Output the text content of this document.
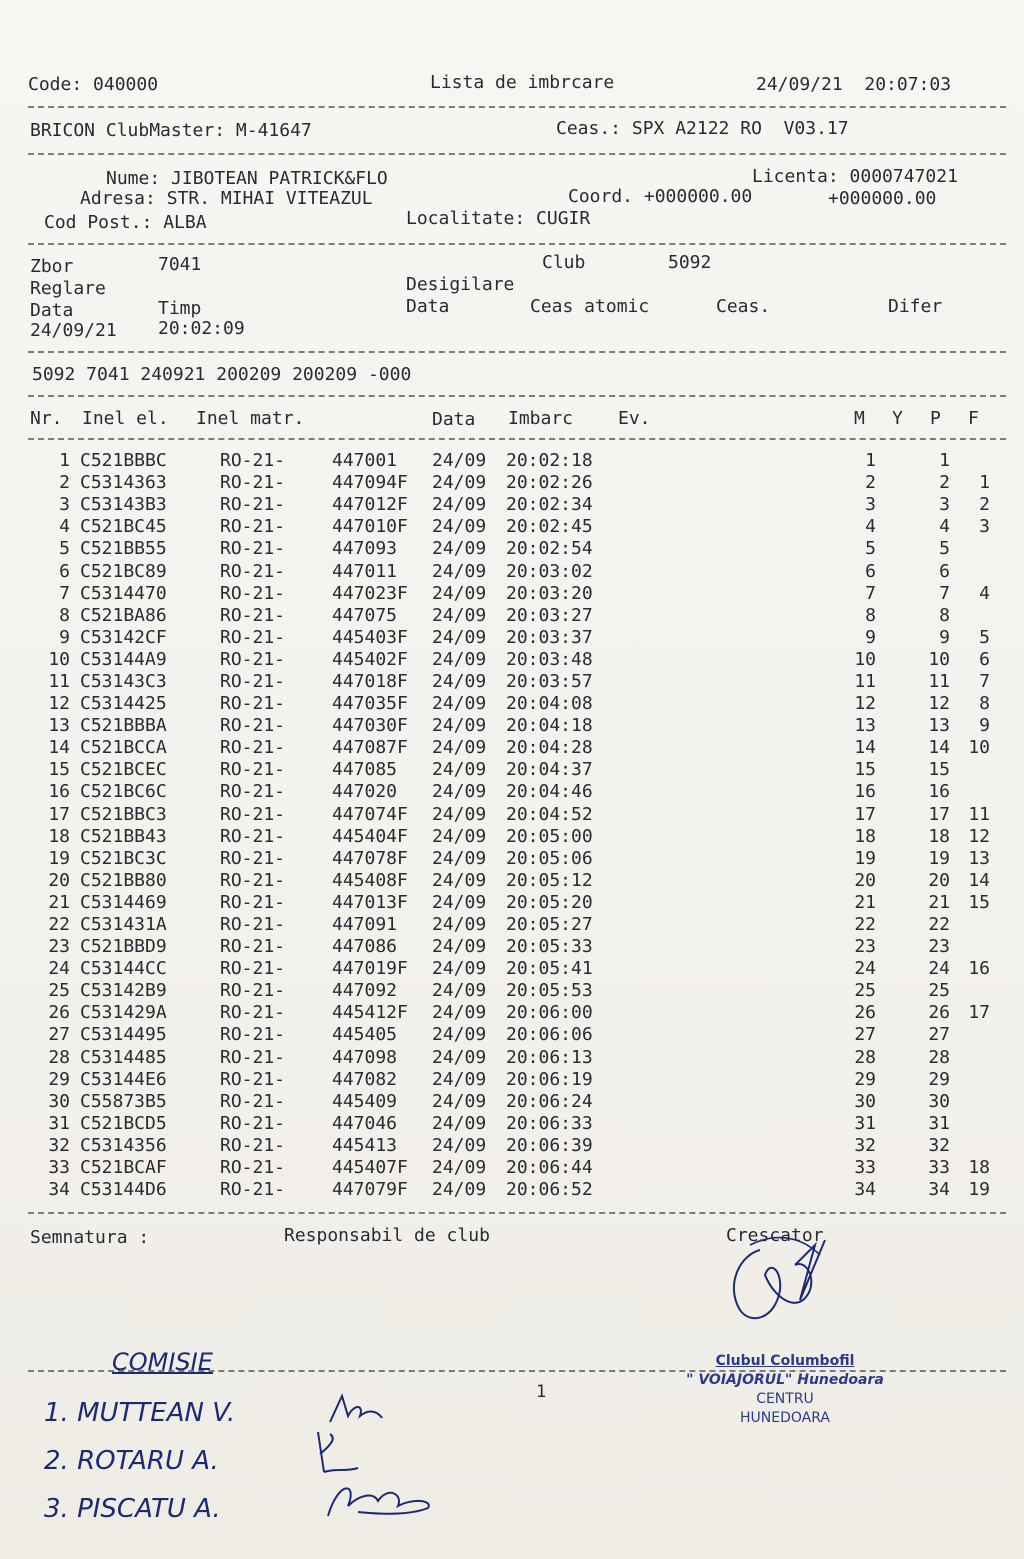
Code: 040000	Lista de imbrcare	24/09/21  20:07:03
BRICON ClubMaster: M-41647	Ceas.: SPX A2122 RO  V03.17
Nume: JIBOTEAN PATRICK&FLO	Licenta: 0000747021
Adresa: STR. MIHAI VITEAZUL	Coord. +000000.00	+000000.00
Cod Post.: ALBA	Localitate: CUGIR
Zbor	7041	Club	5092
Reglare	Desigilare
Data	Timp	Data	Ceas atomic	Ceas.	Difer
24/09/21 20:02:09
5092 7041 240921 200209 200209 -000
Nr. Inel el. Inel matr.	Data Imbarc Ev.	M Y P F
1	C521BBBC	RO-21-	447001	24/09	20:02:18	1		1	
2	C5314363	RO-21-	447094F	24/09	20:02:26	2		2	1
3	C53143B3	RO-21-	447012F	24/09	20:02:34	3		3	2
4	C521BC45	RO-21-	447010F	24/09	20:02:45	4		4	3
5	C521BB55	RO-21-	447093	24/09	20:02:54	5		5	
6	C521BC89	RO-21-	447011	24/09	20:03:02	6		6	
7	C5314470	RO-21-	447023F	24/09	20:03:20	7		7	4
8	C521BA86	RO-21-	447075	24/09	20:03:27	8		8	
9	C53142CF	RO-21-	445403F	24/09	20:03:37	9		9	5
10	C53144A9	RO-21-	445402F	24/09	20:03:48	10		10	6
11	C53143C3	RO-21-	447018F	24/09	20:03:57	11		11	7
12	C5314425	RO-21-	447035F	24/09	20:04:08	12		12	8
13	C521BBBA	RO-21-	447030F	24/09	20:04:18	13		13	9
14	C521BCCA	RO-21-	447087F	24/09	20:04:28	14		14	10
15	C521BCEC	RO-21-	447085	24/09	20:04:37	15		15	
16	C521BC6C	RO-21-	447020	24/09	20:04:46	16		16	
17	C521BBC3	RO-21-	447074F	24/09	20:04:52	17		17	11
18	C521BB43	RO-21-	445404F	24/09	20:05:00	18		18	12
19	C521BC3C	RO-21-	447078F	24/09	20:05:06	19		19	13
20	C521BB80	RO-21-	445408F	24/09	20:05:12	20		20	14
21	C5314469	RO-21-	447013F	24/09	20:05:20	21		21	15
22	C531431A	RO-21-	447091	24/09	20:05:27	22		22	
23	C521BBD9	RO-21-	447086	24/09	20:05:33	23		23	
24	C53144CC	RO-21-	447019F	24/09	20:05:41	24		24	16
25	C53142B9	RO-21-	447092	24/09	20:05:53	25		25	
26	C531429A	RO-21-	445412F	24/09	20:06:00	26		26	17
27	C5314495	RO-21-	445405	24/09	20:06:06	27		27	
28	C5314485	RO-21-	447098	24/09	20:06:13	28		28	
29	C53144E6	RO-21-	447082	24/09	20:06:19	29		29	
30	C55873B5	RO-21-	445409	24/09	20:06:24	30		30	
31	C521BCD5	RO-21-	447046	24/09	20:06:33	31		31	
32	C5314356	RO-21-	445413	24/09	20:06:39	32		32	
33	C521BCAF	RO-21-	445407F	24/09	20:06:44	33		33	18
34	C53144D6	RO-21-	447079F	24/09	20:06:52	34		34	19
Semnatura :	Responsabil de club	Crescator
1
Clubul Columbofil
" VOIAJORUL" Hunedoara
CENTRU
HUNEDOARA
COMISIE
1. MUTTEAN V.
2. ROTARU A.
3. PISCATU A.
